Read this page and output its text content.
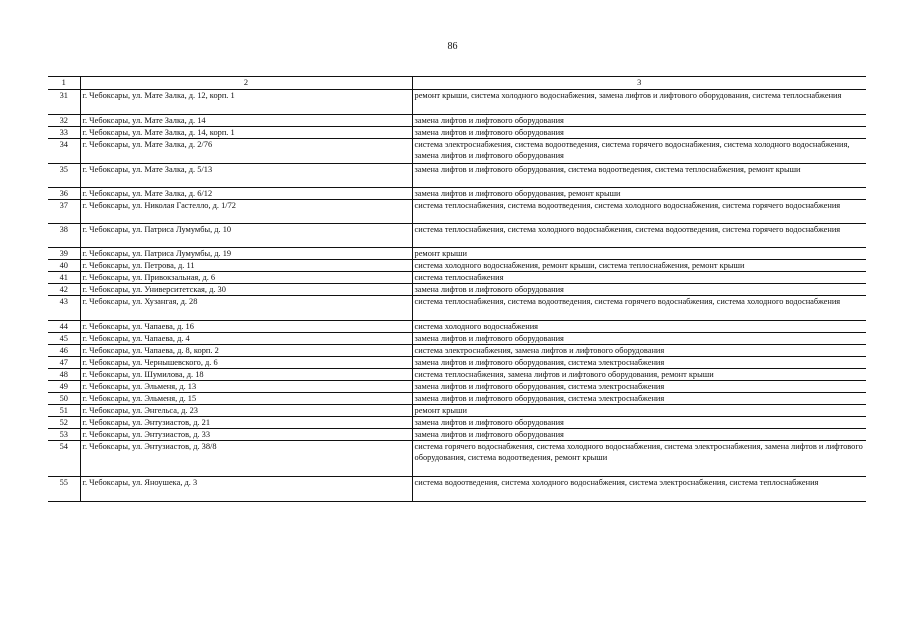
86
1	2	3
31	г. Чебоксары, ул. Мате Залка, д. 12, корп. 1	ремонт крыши, система холодного водоснабжения, замена лифтов и лифтового оборудования, система теплоснабжения
32	г. Чебоксары, ул. Мате Залка, д. 14	замена лифтов и лифтового оборудования
33	г. Чебоксары, ул. Мате Залка, д. 14, корп. 1	замена лифтов и лифтового оборудования
34	г. Чебоксары, ул. Мате Залка, д. 2/76	система электроснабжения, система водоотведения, система горячего водоснабжения, система холодного водоснабжения, замена лифтов и лифтового оборудования
35	г. Чебоксары, ул. Мате Залка, д. 5/13	замена лифтов и лифтового оборудования, система водоотведения, система теплоснабжения, ремонт крыши
36	г. Чебоксары, ул. Мате Залка, д. 6/12	замена лифтов и лифтового оборудования, ремонт крыши
37	г. Чебоксары, ул. Николая Гастелло, д. 1/72	система теплоснабжения, система водоотведения, система холодного водоснабжения, система горячего водоснабжения
38	г. Чебоксары, ул. Патриса Лумумбы, д. 10	система теплоснабжения, система холодного водоснабжения, система водоотведения, система горячего водоснабжения
39	г. Чебоксары, ул. Патриса Лумумбы, д. 19	ремонт крыши
40	г. Чебоксары, ул. Петрова, д. 11	система холодного водоснабжения, ремонт крыши, система теплоснабжения, ремонт крыши
41	г. Чебоксары, ул. Привокзальная, д. 6	система теплоснабжения
42	г. Чебоксары, ул. Университетская, д. 30	замена лифтов и лифтового оборудования
43	г. Чебоксары, ул. Хузангая, д. 28	система теплоснабжения, система водоотведения, система горячего водоснабжения, система холодного водоснабжения
44	г. Чебоксары, ул. Чапаева, д. 16	система холодного водоснабжения
45	г. Чебоксары, ул. Чапаева, д. 4	замена лифтов и лифтового оборудования
46	г. Чебоксары, ул. Чапаева, д. 8, корп. 2	система электроснабжения, замена лифтов и лифтового оборудования
47	г. Чебоксары, ул. Чернышевского, д. 6	замена лифтов и лифтового оборудования, система электроснабжения
48	г. Чебоксары, ул. Шумилова, д. 18	система теплоснабжения, замена лифтов и лифтового оборудования, ремонт крыши
49	г. Чебоксары, ул. Эльменя, д. 13	замена лифтов и лифтового оборудования, система электроснабжения
50	г. Чебоксары, ул. Эльменя, д. 15	замена лифтов и лифтового оборудования, система электроснабжения
51	г. Чебоксары, ул. Энгельса, д. 23	ремонт крыши
52	г. Чебоксары, ул. Энтузиастов, д. 21	замена лифтов и лифтового оборудования
53	г. Чебоксары, ул. Энтузиастов, д. 33	замена лифтов и лифтового оборудования
54	г. Чебоксары, ул. Энтузиастов, д. 38/8	система горячего водоснабжения, система холодного водоснабжения, система электроснабжения, замена лифтов и лифтового оборудования, система водоотведения, ремонт крыши
55	г. Чебоксары, ул. Яноушека, д. 3	система водоотведения, система холодного водоснабжения, система электроснабжения, система теплоснабжения
